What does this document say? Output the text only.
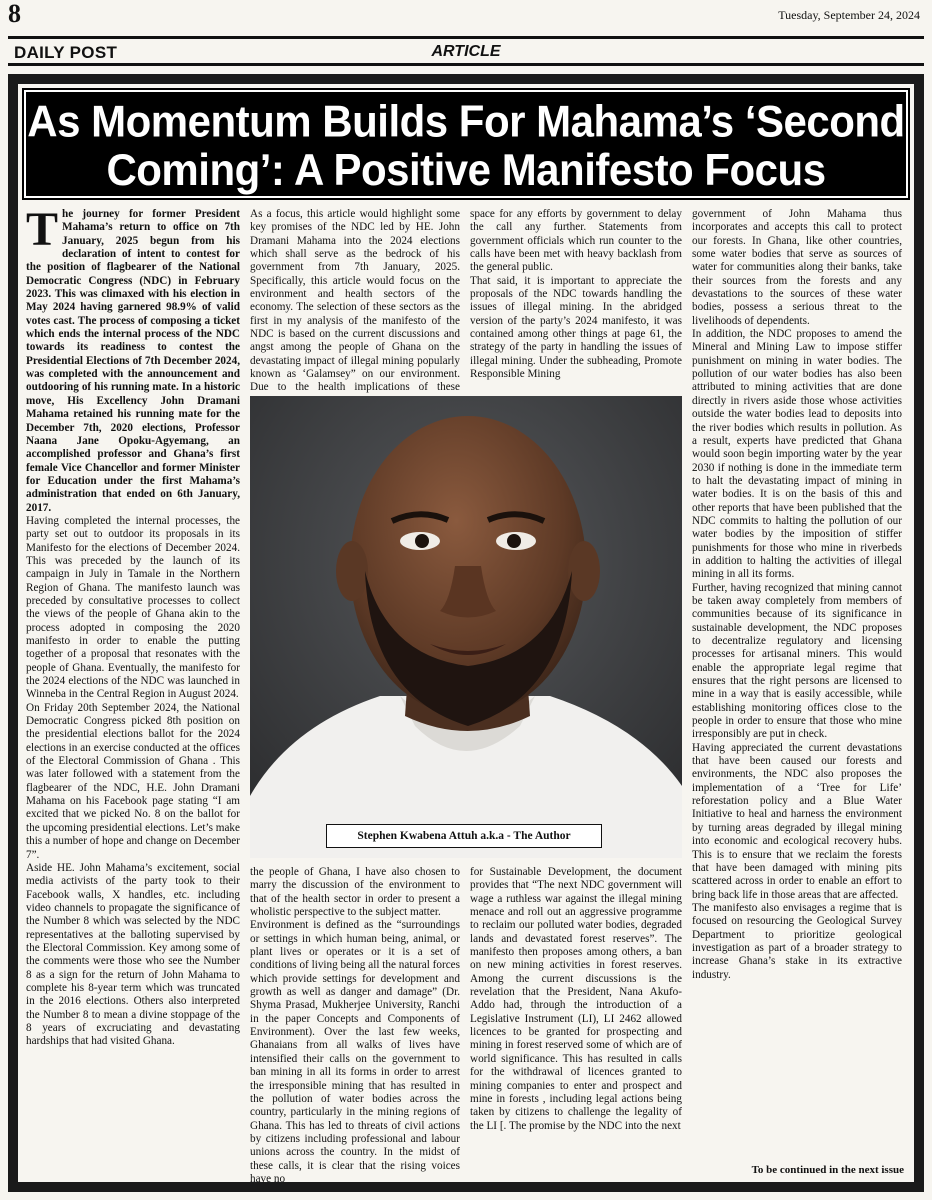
8	Tuesday, September 24, 2024
DAILY POST	ARTICLE
As Momentum Builds For Mahama’s ‘Second Coming’: A Positive Manifesto Focus

The journey for former President Mahama’s return to office on 7th January, 2025 begun from his declaration of intent to contest for the position of flagbearer of the National Democratic Congress (NDC) in February 2023. This was climaxed with his election in May 2024 having garnered 98.9% of valid votes cast. The process of composing a ticket which ends the internal process of the NDC towards its readiness to contest the Presidential Elections of 7th December 2024, was completed with the announcement and outdooring of his running mate. In a historic move, His Excellency John Dramani Mahama retained his running mate for the December 7th, 2020 elections, Professor Naana Jane Opoku-Agyemang, an accomplished professor and Ghana’s first female Vice Chancellor and former Minister for Education under the first Mahama’s administration that ended on 6th January, 2017.

Having completed the internal processes, the party set out to outdoor its proposals in its Manifesto for the elections of December 2024. This was preceded by the launch of its campaign in July in Tamale in the Northern Region of Ghana. The manifesto launch was preceded by consultative processes to collect the views of the people of Ghana akin to the process adopted in composing the 2020 manifesto in order to enable the putting together of a proposal that resonates with the people of Ghana. Eventually, the manifesto for the 2024 elections of the NDC was launched in Winneba in the Central Region in August 2024.

On Friday 20th September 2024, the National Democratic Congress picked 8th position on the presidential elections ballot for the 2024 elections in an exercise conducted at the offices of the Electoral Commission of Ghana . This was later followed with a statement from the flagbearer of the NDC, H.E. John Dramani Mahama on his Facebook page stating “I am excited that we picked No. 8 on the ballot for the upcoming presidential elections. Let’s make this a number of hope and change on December 7”.

Aside HE. John Mahama’s excitement, social media activists of the party took to their Facebook walls, X handles, etc. including video channels to propagate the significance of the Number 8 which was selected by the NDC representatives at the balloting supervised by the Electoral Commission. Key among some of the comments were those who see the Number 8 as a sign for the return of John Mahama to complete his 8-year term which was truncated in the 2016 elections. Others also interpreted the Number 8 to mean a divine stoppage of the 8 years of excruciating and devastating hardships that had visited Ghana.

As a focus, this article would highlight some key promises of the NDC led by HE. John Dramani Mahama into the 2024 elections which shall serve as the bedrock of his government from 7th January, 2025. Specifically, this article would focus on the environment and health sectors of the economy. The selection of these sectors as the first in my analysis of the manifesto of the NDC is based on the current discussions and angst among the people of Ghana on the devastating impact of illegal mining popularly known as ‘Galamsey” on our environment. Due to the health implications of these

space for any efforts by government to delay the call any further. Statements from government officials which run counter to the calls have been met with heavy backlash from the general public.

That said, it is important to appreciate the proposals of the NDC towards handling the issues of illegal mining. In the abridged version of the party’s 2024 manifesto, it was contained among other things at page 61, the strategy of the party in handling the issues of illegal mining. Under the subheading, Promote Responsible Mining

Stephen Kwabena Attuh a.k.a - The Author

the people of Ghana, I have also chosen to marry the discussion of the environment to that of the health sector in order to present a wholistic perspective to the subject matter.

Environment is defined as the “surroundings or settings in which human being, animal, or plant lives or operates or it is a set of conditions of living being all the natural forces which provide settings for development and growth as well as danger and damage” (Dr. Shyma Prasad, Mukherjee University, Ranchi in the paper Concepts and Components of Environment). Over the last few weeks, Ghanaians from all walks of lives have intensified their calls on the government to ban mining in all its forms in order to arrest the irresponsible mining that has resulted in the pollution of water bodies across the country, particularly in the mining regions of Ghana. This has led to threats of civil actions by citizens including professional and labour unions across the country. In the midst of these calls, it is clear that the rising voices have no

for Sustainable Development, the document provides that “The next NDC government will wage a ruthless war against the illegal mining menace and roll out an aggressive programme to reclaim our polluted water bodies, degraded lands and devastated forest reserves”. The manifesto then proposes among others, a ban on new mining activities in forest reserves. Among the current discussions is the revelation that the President, Nana Akufo-Addo had, through the introduction of a Legislative Instrument (LI), LI 2462 allowed licences to be granted for prospecting and mining in forest reserved some of which are of world significance. This has resulted in calls for the withdrawal of licences granted to mining companies to enter and prospect and mine in forests , including legal actions being taken by citizens to challenge the legality of the LI [. The promise by the NDC into the next

government of John Mahama thus incorporates and accepts this call to protect our forests. In Ghana, like other countries, some water bodies that serve as sources of water for communities along their banks, take their sources from the forests and any devastations to the sources of these water bodies, possess a serious threat to the livelihoods of dependents.

In addition, the NDC proposes to amend the Mineral and Mining Law to impose stiffer punishment on mining in water bodies. The pollution of our water bodies has also been attributed to mining activities that are done directly in rivers aside those whose activities outside the water bodies lead to deposits into the river bodies which results in pollution. As a result, experts have predicted that Ghana would soon begin importing water by the year 2030 if nothing is done in the immediate term to halt the devastating impact of mining in water bodies. It is on the basis of this and other reports that have been published that the NDC commits to halting the pollution of our water bodies by the imposition of stiffer punishments for those who mine in riverbeds in addition to halting the activities of illegal mining in all its forms.

Further, having recognized that mining cannot be taken away completely from members of communities because of its significance in sustainable development, the NDC proposes to decentralize regulatory and licensing processes for artisanal miners. This would enable the appropriate legal regime that ensures that the right persons are licensed to mine in a way that is easily accessible, while establishing monitoring offices close to the people in order to ensure that those who mine irresponsibly are put in check.

Having appreciated the current devastations that have been caused our forests and environments, the NDC also proposes the implementation of a ‘Tree for Life’ reforestation policy and a Blue Water Initiative to heal and harness the environment by turning areas degraded by illegal mining into economic and ecological recovery hubs. This is to ensure that we reclaim the forests that have been damaged with mining pits scattered across in order to enable an effort to bring back life in those areas that are affected.

The manifesto also envisages a regime that is focused on resourcing the Geological Survey Department to prioritize geological investigation as part of a broader strategy to increase Ghana’s stake in its extractive industry.

To be continued in the next issue
